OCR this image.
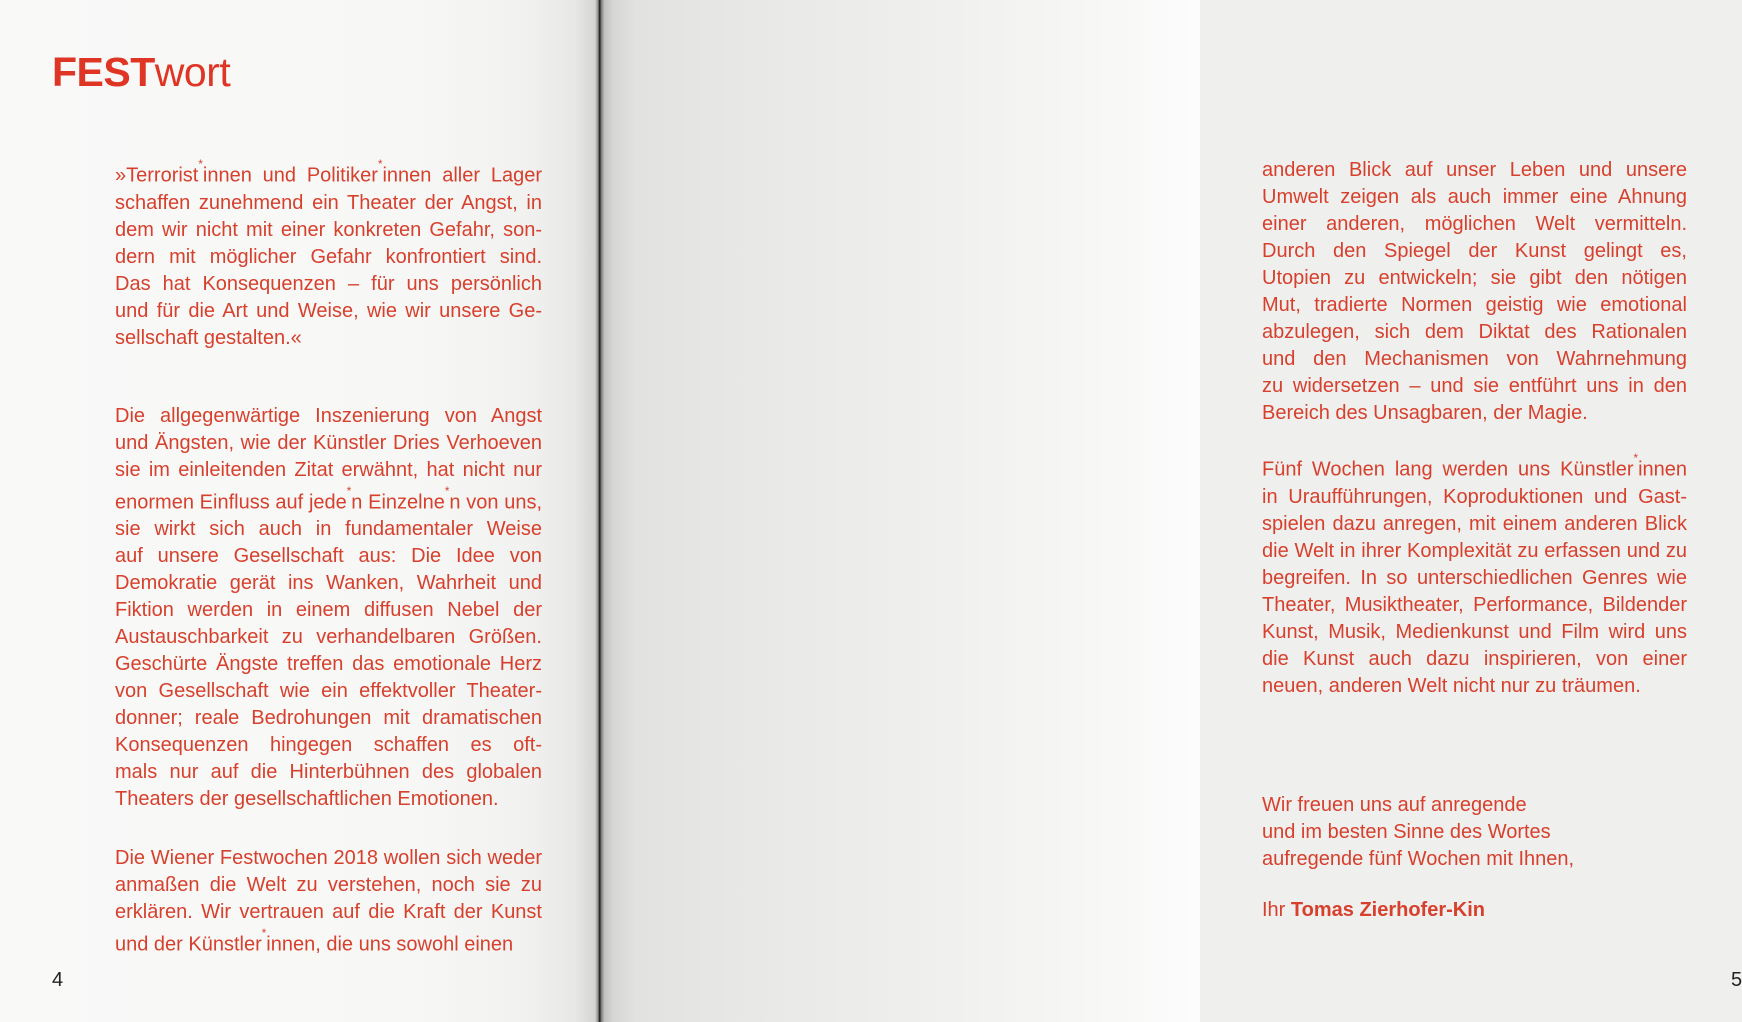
FESTwort
»Terrorist*innen und Politiker*innen aller Lager
schaffen zunehmend ein Theater der Angst, in
dem wir nicht mit einer konkreten Gefahr, son-
dern mit möglicher Gefahr konfrontiert sind.
Das hat Konsequenzen – für uns persönlich
und für die Art und Weise, wie wir unsere Ge-
sellschaft gestalten.«
Die allgegenwärtige Inszenierung von Angst
und Ängsten, wie der Künstler Dries Verhoeven
sie im einleitenden Zitat erwähnt, hat nicht nur
enormen Einfluss auf jede*n Einzelne*n von uns,
sie wirkt sich auch in fundamentaler Weise
auf unsere Gesellschaft aus: Die Idee von
Demokratie gerät ins Wanken, Wahrheit und
Fiktion werden in einem diffusen Nebel der
Austauschbarkeit zu verhandelbaren Größen.
Geschürte Ängste treffen das emotionale Herz
von Gesellschaft wie ein effektvoller Theater-
donner; reale Bedrohungen mit dramatischen
Konsequenzen hingegen schaffen es oft-
mals nur auf die Hinterbühnen des globalen
Theaters der gesellschaftlichen Emotionen.
Die Wiener Festwochen 2018 wollen sich weder
anmaßen die Welt zu verstehen, noch sie zu
erklären. Wir vertrauen auf die Kraft der Kunst
und der Künstler*innen, die uns sowohl einen
4
anderen Blick auf unser Leben und unsere
Umwelt zeigen als auch immer eine Ahnung
einer anderen, möglichen Welt vermitteln.
Durch den Spiegel der Kunst gelingt es,
Utopien zu entwickeln; sie gibt den nötigen
Mut, tradierte Normen geistig wie emotional
abzulegen, sich dem Diktat des Rationalen
und den Mechanismen von Wahrnehmung
zu widersetzen – und sie entführt uns in den
Bereich des Unsagbaren, der Magie.
Fünf Wochen lang werden uns Künstler*innen
in Uraufführungen, Koproduktionen und Gast-
spielen dazu anregen, mit einem anderen Blick
die Welt in ihrer Komplexität zu erfassen und zu
begreifen. In so unterschiedlichen Genres wie
Theater, Musiktheater, Performance, Bildender
Kunst, Musik, Medienkunst und Film wird uns
die Kunst auch dazu inspirieren, von einer
neuen, anderen Welt nicht nur zu träumen.
Wir freuen uns auf anregende
und im besten Sinne des Wortes
aufregende fünf Wochen mit Ihnen,
Ihr Tomas Zierhofer-Kin
5
